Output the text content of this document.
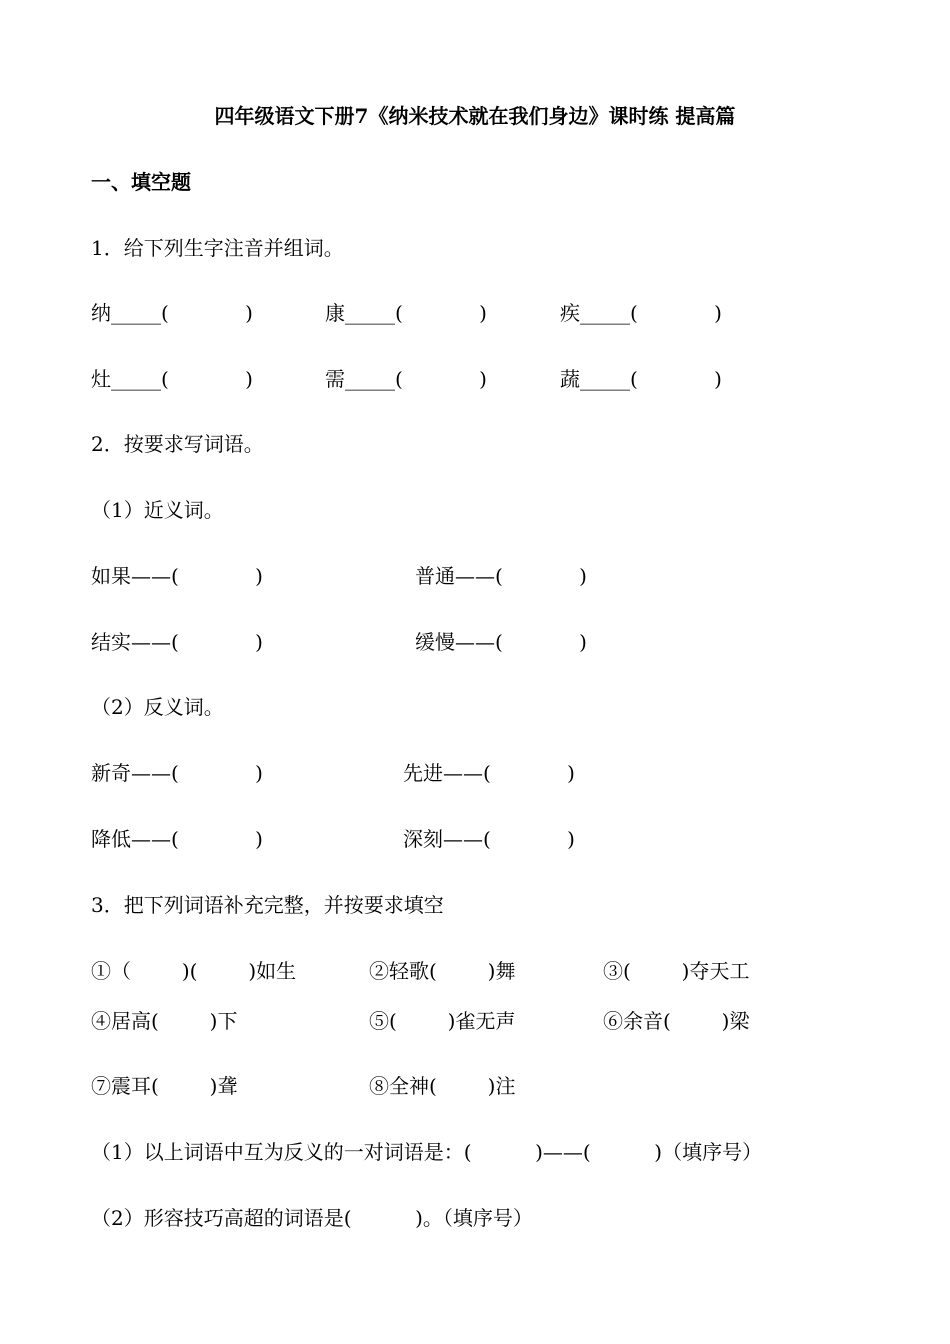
四年级语文下册7《纳米技术就在我们身边》课时练 提高篇
一、填空题
1．给下列生字注音并组词。
纳_____(            )	康_____(            )	疾_____(            )
灶_____(            )	需_____(            )	蔬_____(            )
2．按要求写词语。
（1）近义词。
如果——(            )	普通——(            )
结实——(            )	缓慢——(            )
（2）反义词。
新奇——(            )	先进——(            )
降低——(            )	深刻——(            )
3．把下列词语补充完整，并按要求填空
①（        )(        )如生	②轻歌(        )舞	③(        )夺天工
④居高(        )下	⑤(        )雀无声	⑥余音(        )梁
⑦震耳(        )聋	⑧全神(        )注
（1）以上词语中互为反义的一对词语是：(          )——(          )（填序号）
（2）形容技巧高超的词语是(          )。（填序号）
